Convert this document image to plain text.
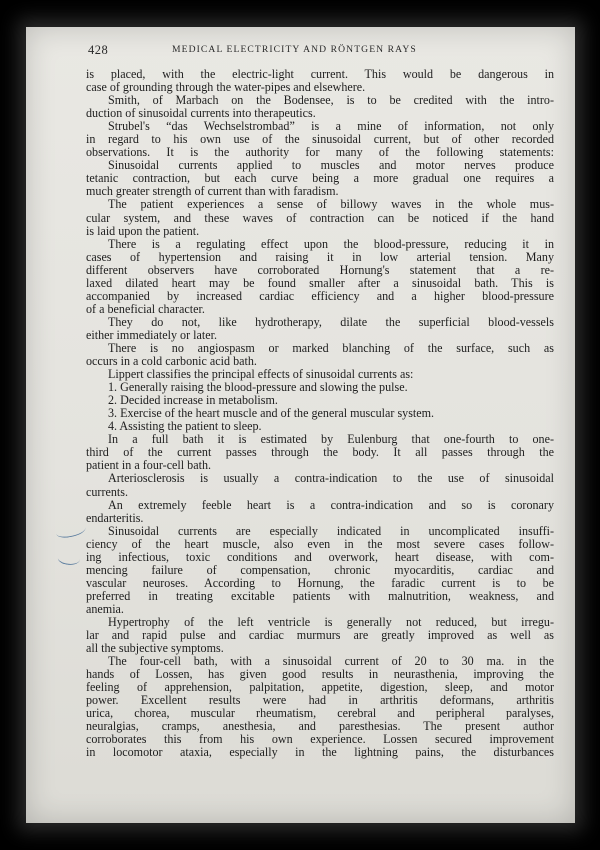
428	MEDICAL ELECTRICITY AND RÖNTGEN RAYS
is placed, with the electric-light current. This would be dangerous in
case of grounding through the water-pipes and elsewhere.
Smith, of Marbach on the Bodensee, is to be credited with the intro-
duction of sinusoidal currents into therapeutics.
Strubel's “das Wechselstrombad” is a mine of information, not only
in regard to his own use of the sinusoidal current, but of other recorded
observations. It is the authority for many of the following statements:
Sinusoidal currents applied to muscles and motor nerves produce
tetanic contraction, but each curve being a more gradual one requires a
much greater strength of current than with faradism.
The patient experiences a sense of billowy waves in the whole mus-
cular system, and these waves of contraction can be noticed if the hand
is laid upon the patient.
There is a regulating effect upon the blood-pressure, reducing it in
cases of hypertension and raising it in low arterial tension. Many
different observers have corroborated Hornung's statement that a re-
laxed dilated heart may be found smaller after a sinusoidal bath. This is
accompanied by increased cardiac efficiency and a higher blood-pressure
of a beneficial character.
They do not, like hydrotherapy, dilate the superficial blood-vessels
either immediately or later.
There is no angiospasm or marked blanching of the surface, such as
occurs in a cold carbonic acid bath.
Lippert classifies the principal effects of sinusoidal currents as:
1. Generally raising the blood-pressure and slowing the pulse.
2. Decided increase in metabolism.
3. Exercise of the heart muscle and of the general muscular system.
4. Assisting the patient to sleep.
In a full bath it is estimated by Eulenburg that one-fourth to one-
third of the current passes through the body. It all passes through the
patient in a four-cell bath.
Arteriosclerosis is usually a contra-indication to the use of sinusoidal
currents.
An extremely feeble heart is a contra-indication and so is coronary
endarteritis.
Sinusoidal currents are especially indicated in uncomplicated insuffi-
ciency of the heart muscle, also even in the most severe cases follow-
ing infectious, toxic conditions and overwork, heart disease, with com-
mencing failure of compensation, chronic myocarditis, cardiac and
vascular neuroses. According to Hornung, the faradic current is to be
preferred in treating excitable patients with malnutrition, weakness, and
anemia.
Hypertrophy of the left ventricle is generally not reduced, but irregu-
lar and rapid pulse and cardiac murmurs are greatly improved as well as
all the subjective symptoms.
The four-cell bath, with a sinusoidal current of 20 to 30 ma. in the
hands of Lossen, has given good results in neurasthenia, improving the
feeling of apprehension, palpitation, appetite, digestion, sleep, and motor
power. Excellent results were had in arthritis deformans, arthritis
urica, chorea, muscular rheumatism, cerebral and peripheral paralyses,
neuralgias, cramps, anesthesia, and paresthesias. The present author
corroborates this from his own experience. Lossen secured improvement
in locomotor ataxia, especially in the lightning pains, the disturbances
